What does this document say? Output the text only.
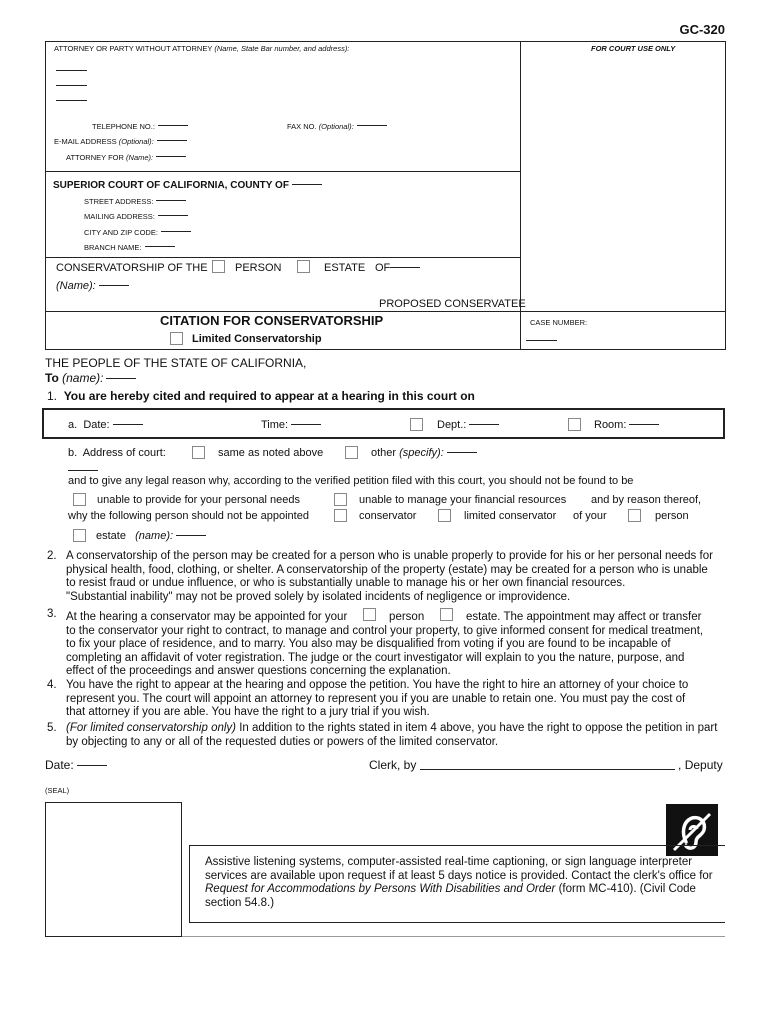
GC-320
ATTORNEY OR PARTY WITHOUT ATTORNEY (Name, State Bar number, and address):
TELEPHONE NO.:	FAX NO. (Optional):
E-MAIL ADDRESS (Optional):
ATTORNEY FOR (Name):
FOR COURT USE ONLY
SUPERIOR COURT OF CALIFORNIA, COUNTY OF
STREET ADDRESS:
MAILING ADDRESS:
CITY AND ZIP CODE:
BRANCH NAME:
CONSERVATORSHIP OF THE PERSON	ESTATE OF
(Name):
PROPOSED CONSERVATEE
CITATION FOR CONSERVATORSHIP
Limited Conservatorship
CASE NUMBER:
THE PEOPLE OF THE STATE OF CALIFORNIA,
To (name):
1. You are hereby cited and required to appear at a hearing in this court on
a. Date:	Time:	Dept.:	Room:
b. Address of court:	same as noted above	other (specify):
and to give any legal reason why, according to the verified petition filed with this court, you should not be found to be
unable to provide for your personal needs	unable to manage your financial resources and by reason thereof,
why the following person should not be appointed	conservator	limited conservator of your	person
estate (name):
2. A conservatorship of the person may be created for a person who is unable properly to provide for his or her personal needs for
physical health, food, clothing, or shelter. A conservatorship of the property (estate) may be created for a person who is unable
to resist fraud or undue influence, or who is substantially unable to manage his or her own financial resources.
"Substantial inability" may not be proved solely by isolated incidents of negligence or improvidence.
3. At the hearing a conservator may be appointed for your	person	estate. The appointment may affect or transfer
to the conservator your right to contract, to manage and control your property, to give informed consent for medical treatment,
to fix your place of residence, and to marry. You also may be disqualified from voting if you are found to be incapable of
completing an affidavit of voter registration. The judge or the court investigator will explain to you the nature, purpose, and
effect of the proceedings and answer questions concerning the explanation.
4. You have the right to appear at the hearing and oppose the petition. You have the right to hire an attorney of your choice to
represent you. The court will appoint an attorney to represent you if you are unable to retain one. You must pay the cost of
that attorney if you are able. You have the right to a jury trial if you wish.
5. (For limited conservatorship only) In addition to the rights stated in item 4 above, you have the right to oppose the petition in part
by objecting to any or all of the requested duties or powers of the limited conservator.
Date:	Clerk, by	, Deputy
(SEAL)
Assistive listening systems, computer-assisted real-time captioning, or sign language interpreter
services are available upon request if at least 5 days notice is provided. Contact the clerk's office for
Request for Accommodations by Persons With Disabilities and Order (form MC-410). (Civil Code
section 54.8.)
